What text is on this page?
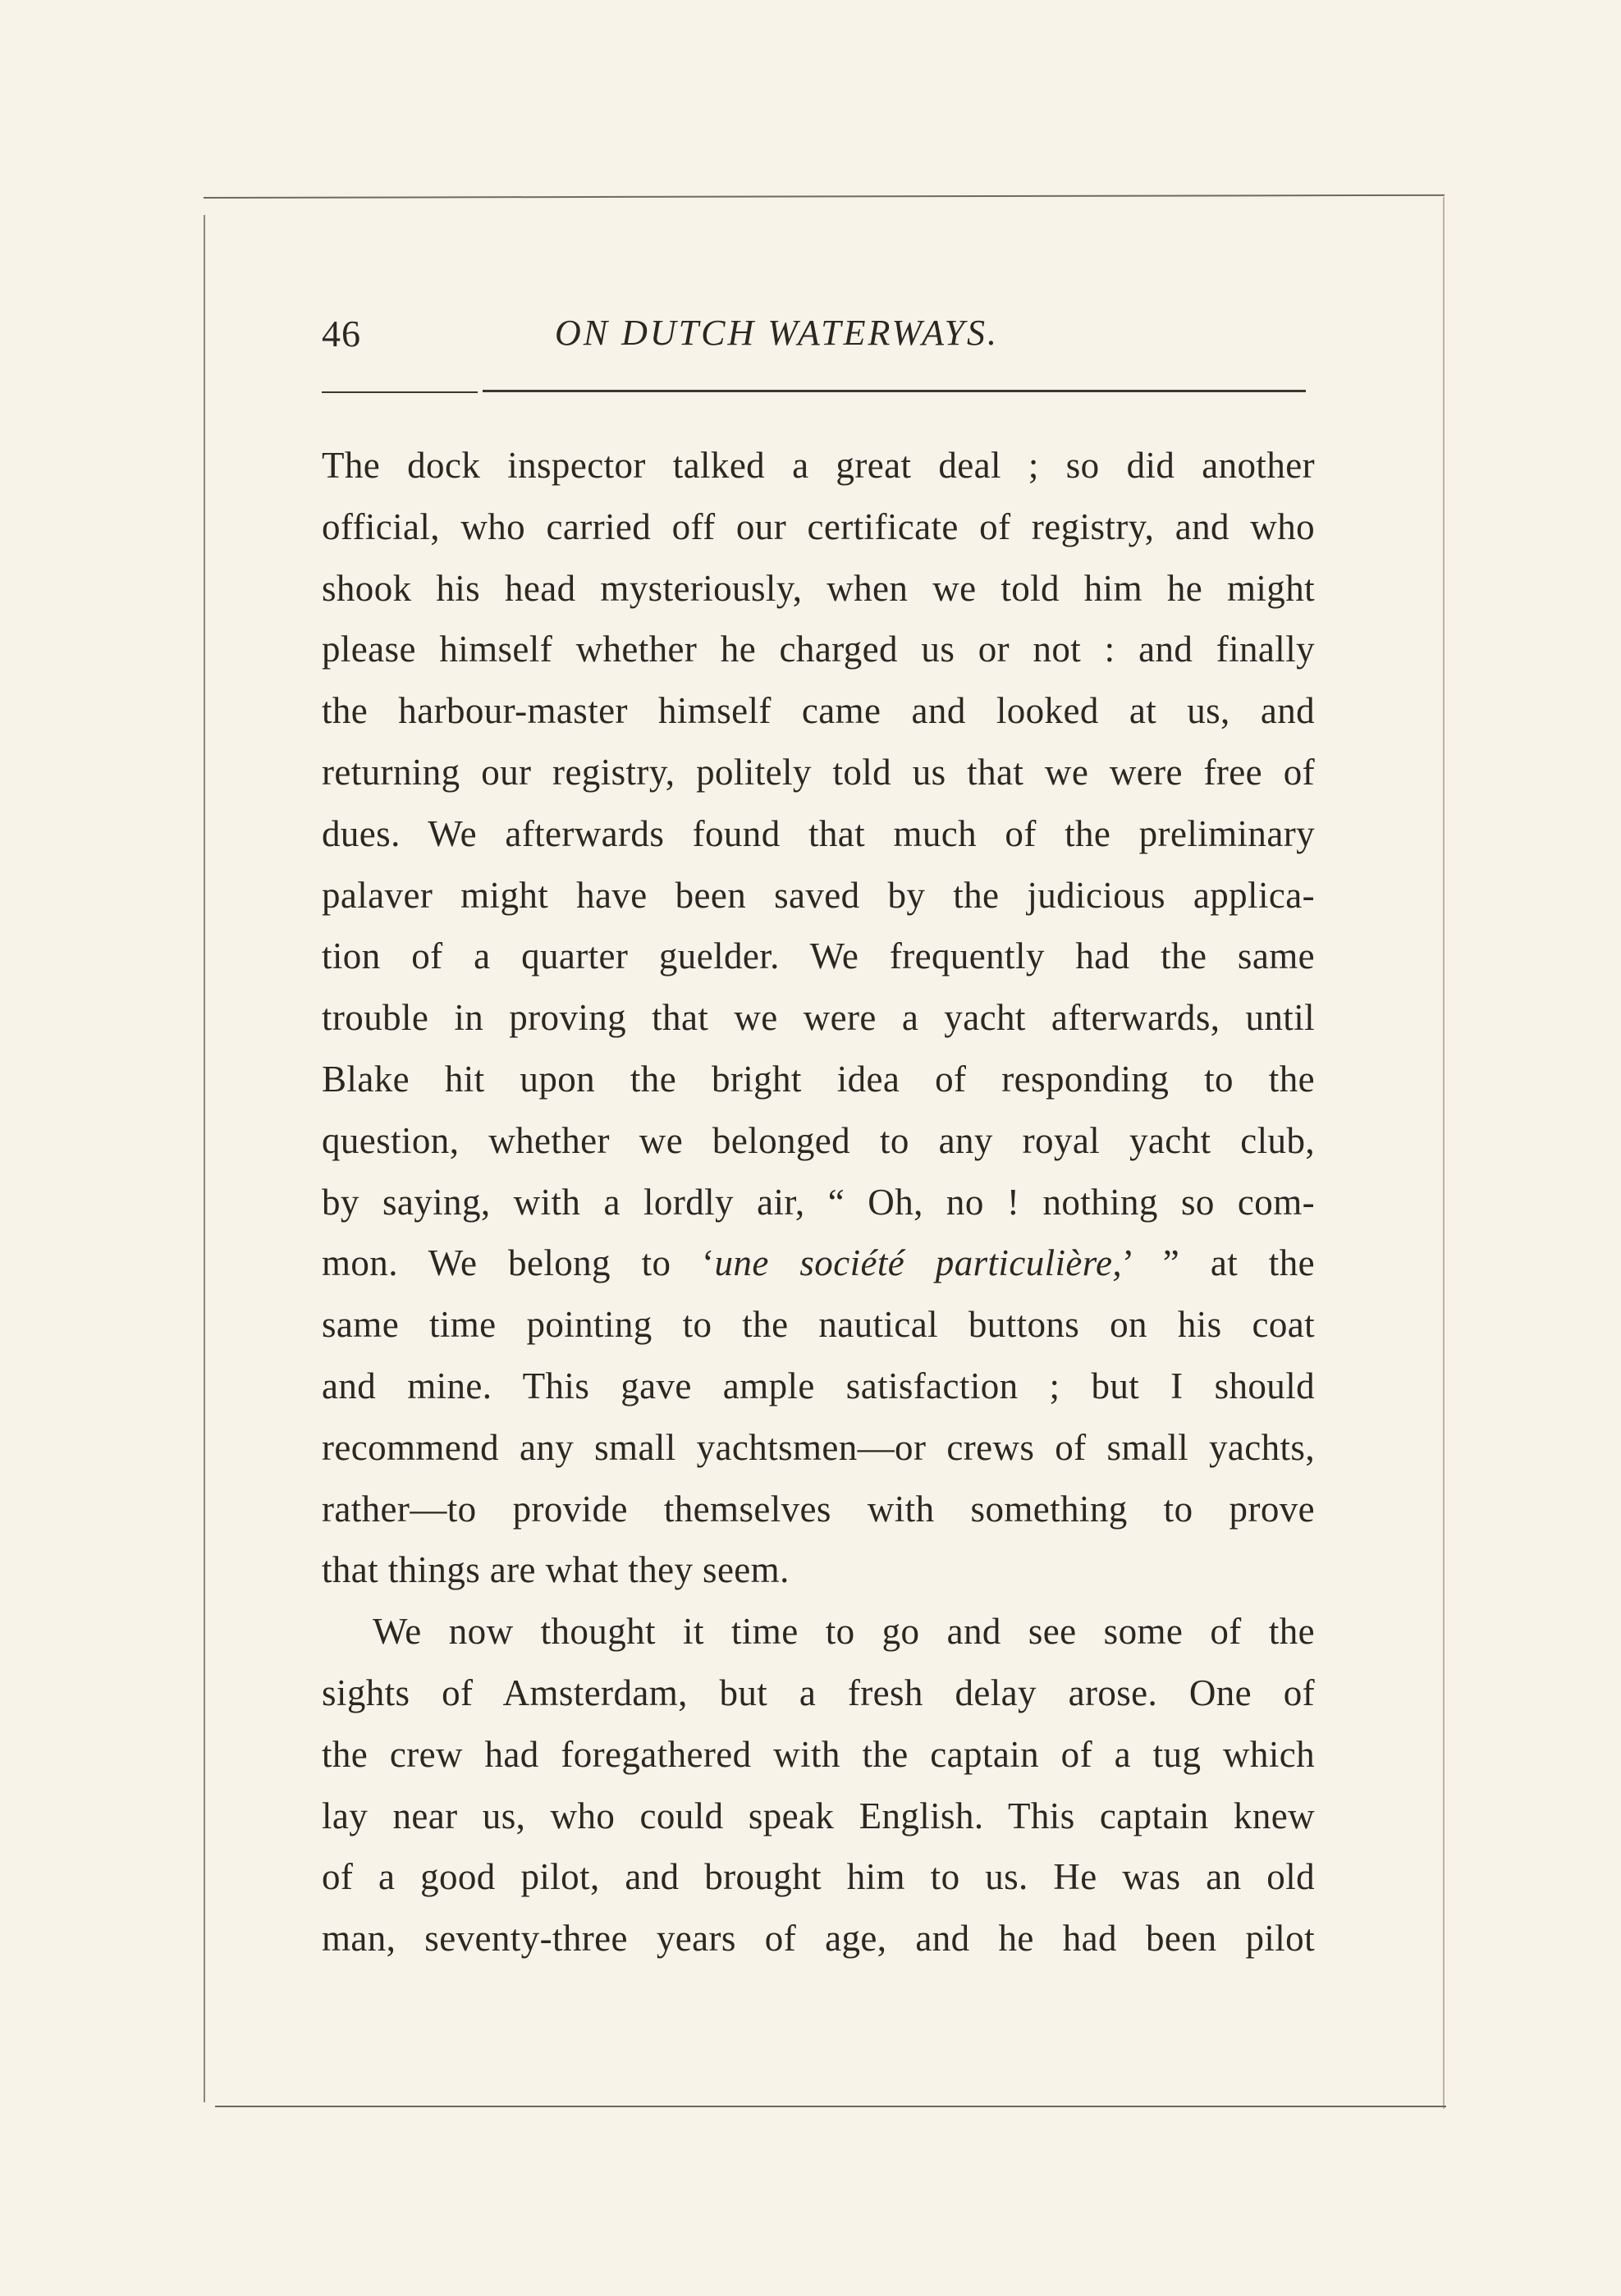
46	ON DUTCH WATERWAYS.
The dock inspector talked a great deal ; so did another
official, who carried off our certificate of registry, and who
shook his head mysteriously, when we told him he might
please himself whether he charged us or not : and finally
the harbour-master himself came and looked at us, and
returning our registry, politely told us that we were free of
dues. We afterwards found that much of the preliminary
palaver might have been saved by the judicious applica-
tion of a quarter guelder. We frequently had the same
trouble in proving that we were a yacht afterwards, until
Blake hit upon the bright idea of responding to the
question, whether we belonged to any royal yacht club,
by saying, with a lordly air, “ Oh, no ! nothing so com-
mon. We belong to ‘une société particulière,’ ” at the
same time pointing to the nautical buttons on his coat
and mine. This gave ample satisfaction ; but I should
recommend any small yachtsmen—or crews of small yachts,
rather—to provide themselves with something to prove
that things are what they seem.
We now thought it time to go and see some of the
sights of Amsterdam, but a fresh delay arose. One of
the crew had foregathered with the captain of a tug which
lay near us, who could speak English. This captain knew
of a good pilot, and brought him to us. He was an old
man, seventy-three years of age, and he had been pilot
